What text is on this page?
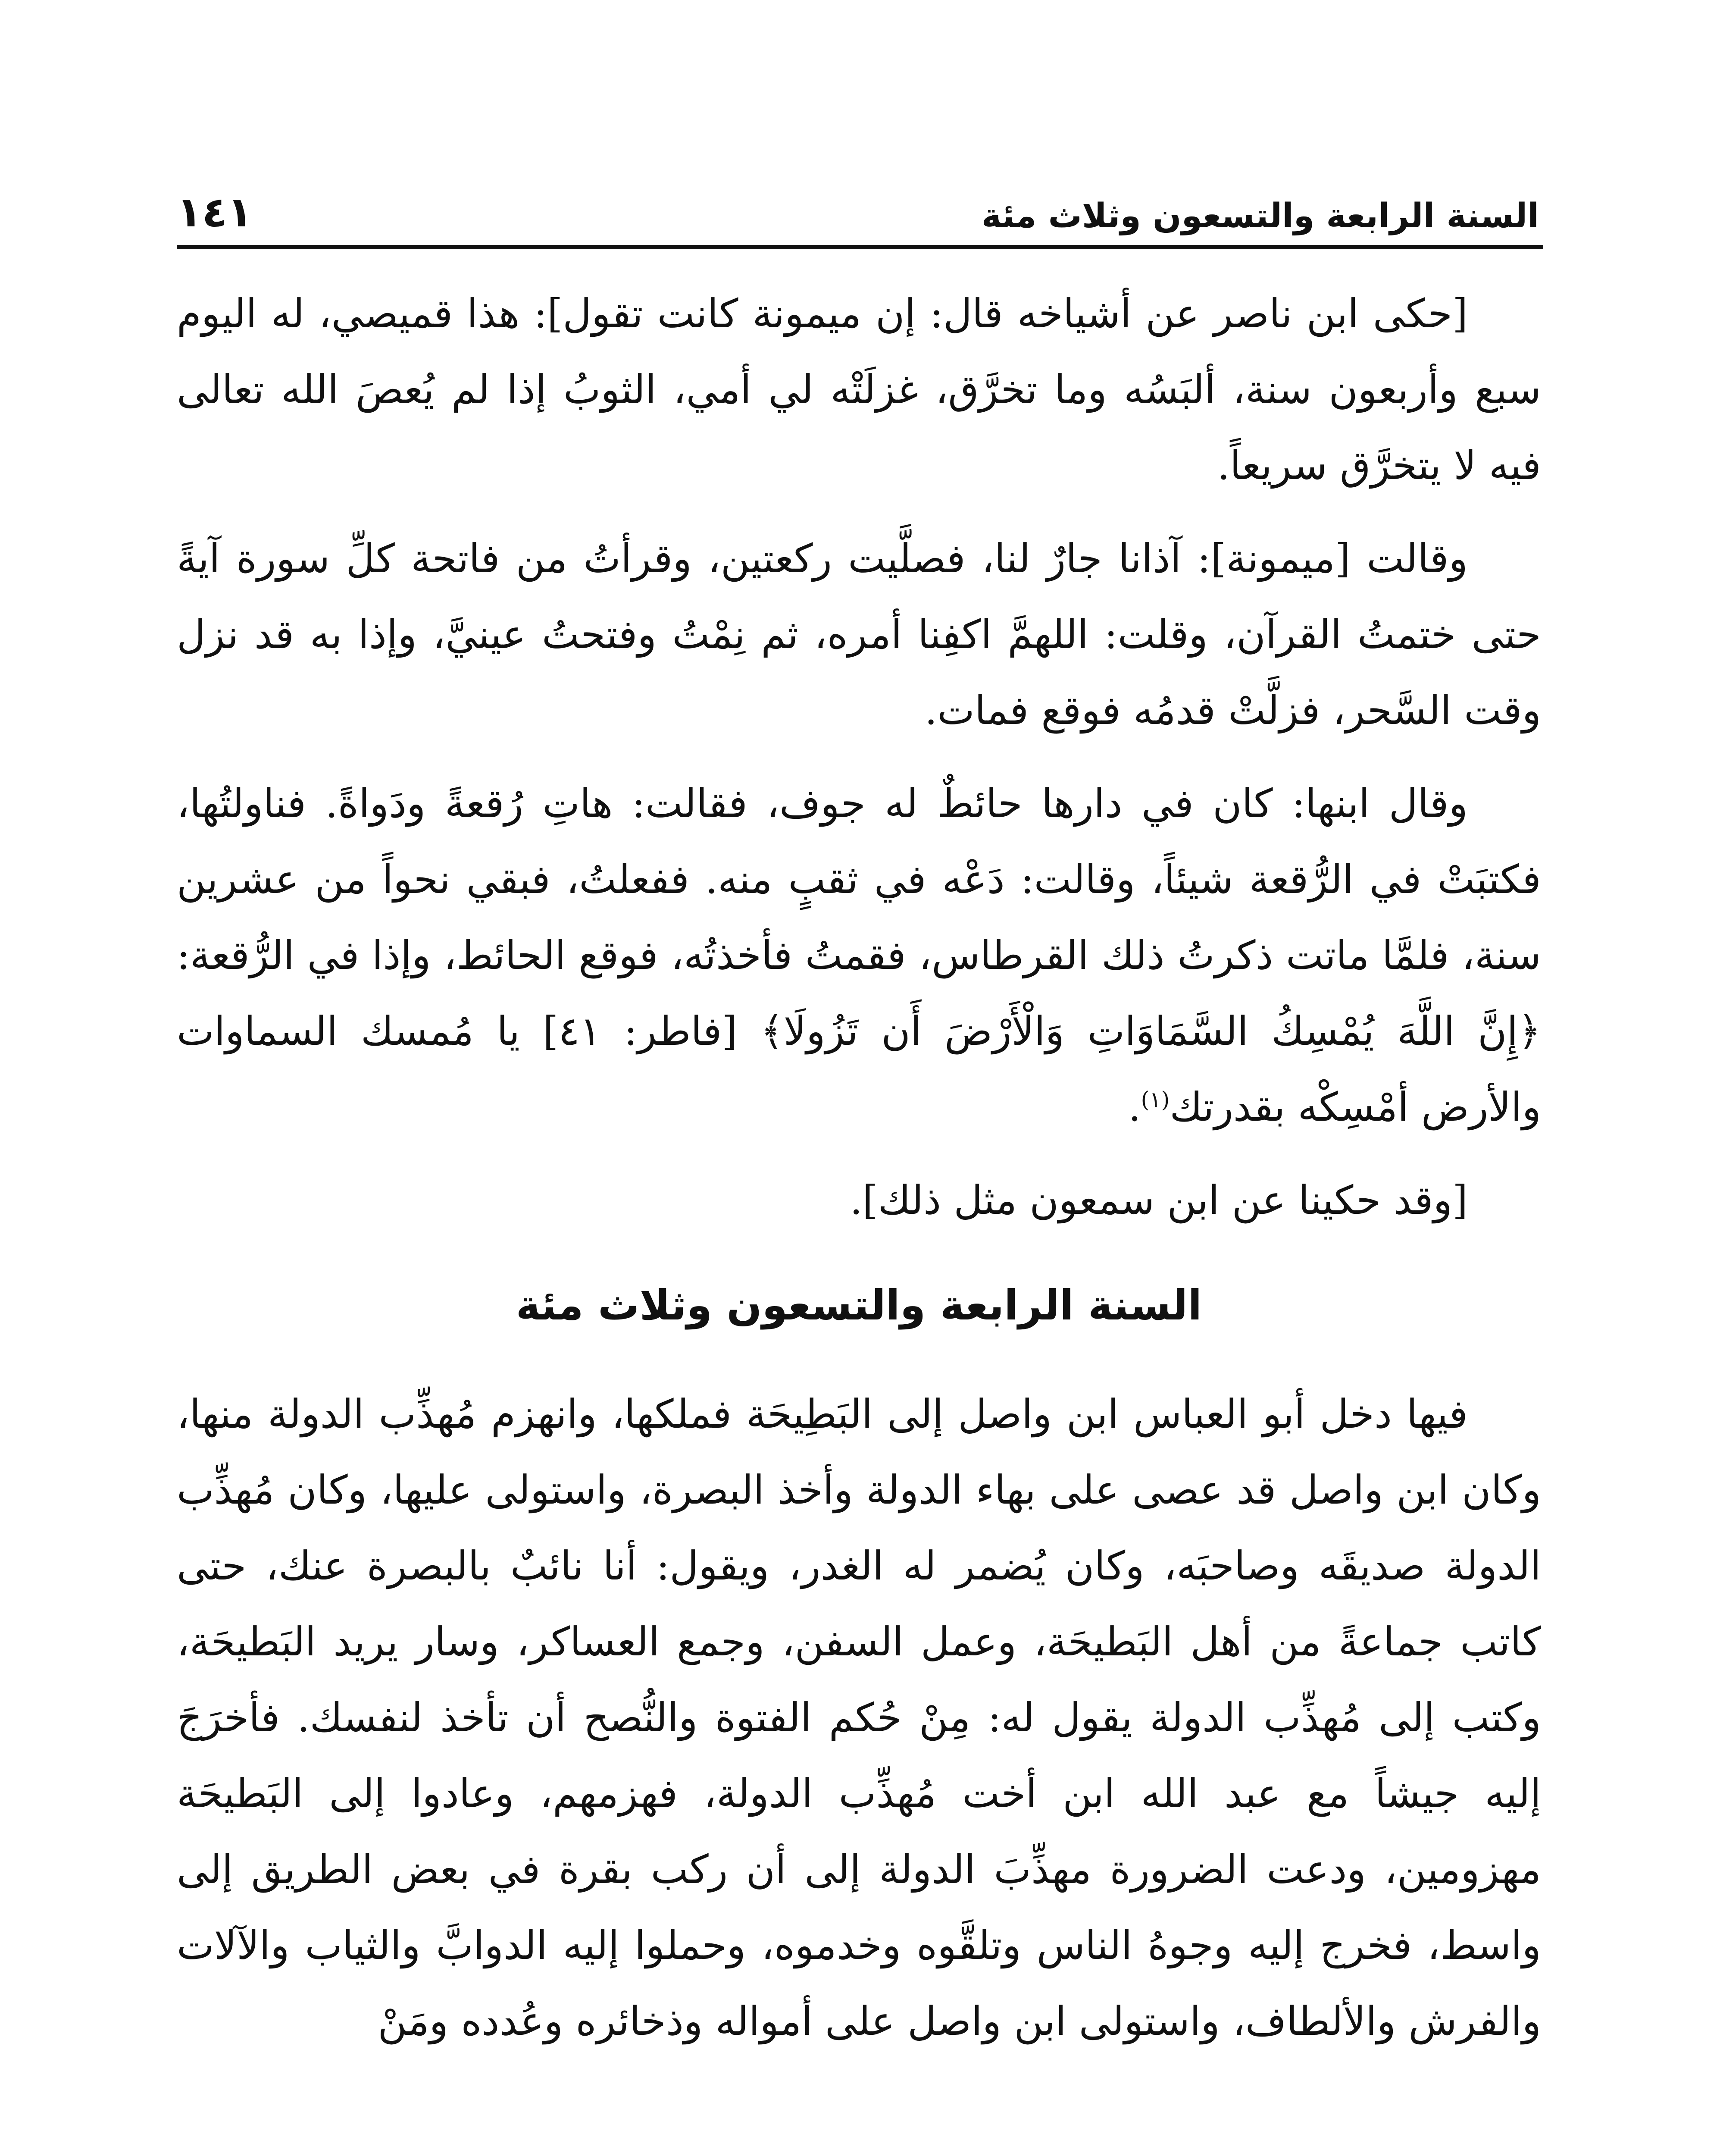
السنة الرابعة والتسعون وثلاث مئة
١٤١

[حكى ابن ناصر عن أشياخه قال: إن ميمونة كانت تقول]: هذا قميصي، له اليوم سبع وأربعون سنة، ألبَسُه وما تخرَّق، غزلَتْه لي أمي، الثوبُ إذا لم يُعصَ الله تعالى فيه لا يتخرَّق سريعاً.

وقالت [ميمونة]: آذانا جارٌ لنا، فصلَّيت ركعتين، وقرأتُ من فاتحة كلِّ سورة آيةً حتى ختمتُ القرآن، وقلت: اللهمَّ اكفِنا أمره، ثم نِمْتُ وفتحتُ عينيَّ، وإذا به قد نزل وقت السَّحر، فزلَّتْ قدمُه فوقع فمات.

وقال ابنها: كان في دارها حائطٌ له جوف، فقالت: هاتِ رُقعةً ودَواةً. فناولتُها، فكتبَتْ في الرُّقعة شيئاً، وقالت: دَعْه في ثقبٍ منه. ففعلتُ، فبقي نحواً من عشرين سنة، فلمَّا ماتت ذكرتُ ذلك القرطاس، فقمتُ فأخذتُه، فوقع الحائط، وإذا في الرُّقعة: ﴿إِنَّ اللَّهَ يُمْسِكُ السَّمَاوَاتِ وَالْأَرْضَ أَن تَزُولَا﴾ [فاطر: ٤١] يا مُمسك السماوات والأرض أمْسِكْه بقدرتك$^{(١)}$.

[وقد حكينا عن ابن سمعون مثل ذلك].

السنة الرابعة والتسعون وثلاث مئة

فيها دخل أبو العباس ابن واصل إلى البَطِيحَة فملكها، وانهزم مُهذِّب الدولة منها، وكان ابن واصل قد عصى على بهاء الدولة وأخذ البصرة، واستولى عليها، وكان مُهذِّب الدولة صديقَه وصاحبَه، وكان يُضمر له الغدر، ويقول: أنا نائبٌ بالبصرة عنك، حتى كاتب جماعةً من أهل البَطيحَة، وعمل السفن، وجمع العساكر، وسار يريد البَطيحَة، وكتب إلى مُهذِّب الدولة يقول له: مِنْ حُكم الفتوة والنُّصح أن تأخذ لنفسك. فأخرَجَ إليه جيشاً مع عبد الله ابن أخت مُهذِّب الدولة، فهزمهم، وعادوا إلى البَطيحَة مهزومين، ودعت الضرورة مهذِّبَ الدولة إلى أن ركب بقرة في بعض الطريق إلى واسط، فخرج إليه وجوهُ الناس وتلقَّوه وخدموه، وحملوا إليه الدوابَّ والثياب والآلات والفرش والألطاف، واستولى ابن واصل على أمواله وذخائره وعُدده ومَنْ
